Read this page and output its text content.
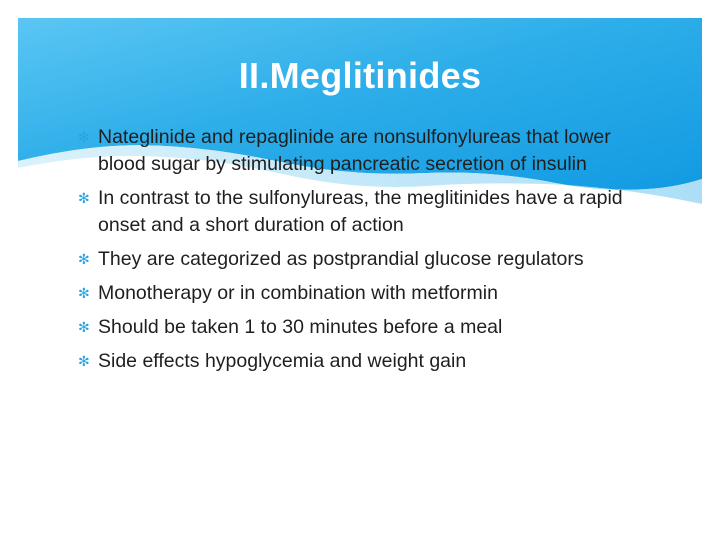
II.Meglitinides
✻ Nateglinide and repaglinide are nonsulfonylureas that lower blood sugar by stimulating pancreatic secretion of insulin
✻ In contrast to the sulfonylureas, the meglitinides have a rapid onset and a short duration of action
✻ They are categorized as postprandial glucose regulators
✻ Monotherapy or in combination with metformin
✻ Should be taken 1 to 30 minutes before a meal
✻ Side effects hypoglycemia and weight gain
